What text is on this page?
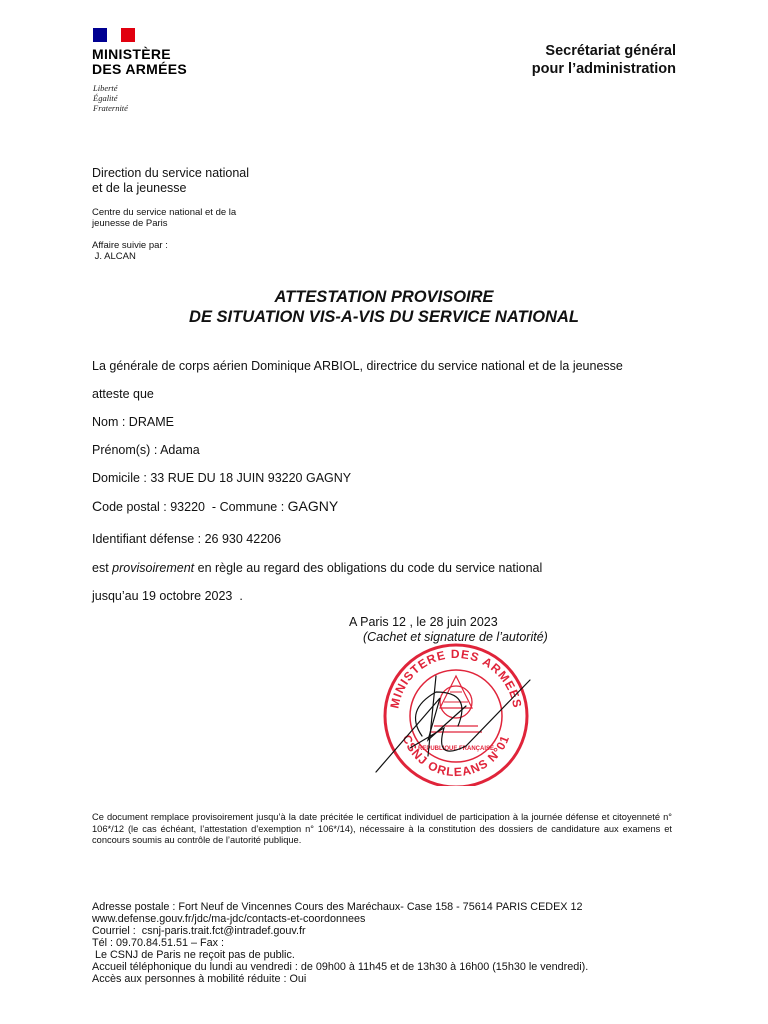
MINISTÈRE
DES ARMÉES
Liberté
Égalité
Fraternité
Secrétariat général
pour l’administration
Direction du service national
et de la jeunesse
Centre du service national et de la
jeunesse de Paris
Affaire suivie par :
J. ALCAN
ATTESTATION PROVISOIRE
DE SITUATION VIS-A-VIS DU SERVICE NATIONAL
La générale de corps aérien Dominique ARBIOL, directrice du service national et de la jeunesse
atteste que
Nom : DRAME
Prénom(s) : Adama
Domicile : 33 RUE DU 18 JUIN 93220 GAGNY
Code postal : 93220  - Commune : GAGNY
Identifiant défense : 26 930 42206
est provisoirement en règle au regard des obligations du code du service national
jusqu’au 19 octobre 2023  .
A Paris 12 , le 28 juin 2023
(Cachet et signature de l’autorité)
MINISTERE DES ARMEES
CSNJ ORLEANS N°01
REPUBLIQUE FRANÇAISE
Ce document remplace provisoirement jusqu’à la date précitée le certificat individuel de participation à la journée défense et citoyenneté n° 106*/12 (le cas échéant, l’attestation d’exemption n° 106*/14), nécessaire à la constitution des dossiers de candidature aux examens et concours soumis au contrôle de l’autorité publique.
Adresse postale : Fort Neuf de Vincennes Cours des Maréchaux- Case 158 - 75614 PARIS CEDEX 12
www.defense.gouv.fr/jdc/ma-jdc/contacts-et-coordonnees
Courriel :  csnj-paris.trait.fct@intradef.gouv.fr
Tél : 09.70.84.51.51 – Fax :
Le CSNJ de Paris ne reçoit pas de public.
Accueil téléphonique du lundi au vendredi : de 09h00 à 11h45 et de 13h30 à 16h00 (15h30 le vendredi).
Accès aux personnes à mobilité réduite : Oui
